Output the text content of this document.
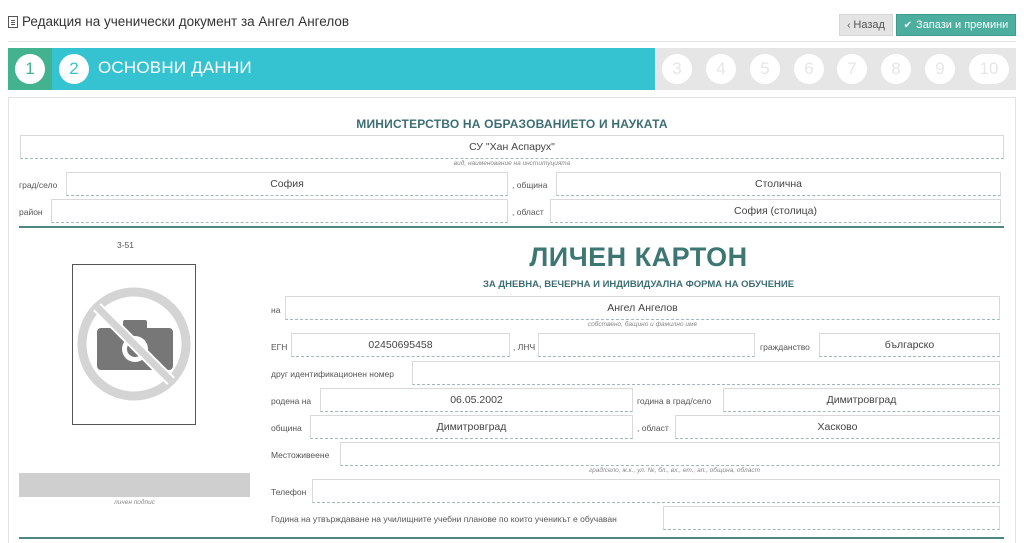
Редакция на ученически документ за Ангел Ангелов	‹ Назад ✔ Запази и премини
1	2	ОСНОВНИ ДАННИ	3	4	5	6	7	8	9	10
МИНИСТЕРСТВО НА ОБРАЗОВАНИЕТО И НАУКАТА
СУ "Хан Аспарух"
вид, наименование на институцията
град/село	София	, община	Столична
район	, област	София (столица)
3-51
личен подпис
ЛИЧЕН КАРТОН
ЗА ДНЕВНА, ВЕЧЕРНА И ИНДИВИДУАЛНА ФОРМА НА ОБУЧЕНИЕ
на	Ангел Ангелов
собствено, бащино и фамилно име
ЕГН	02450695458	, ЛНЧ	гражданство	българско
друг идентификационен номер
родена на	06.05.2002	година в град/село	Димитровград
община	Димитровград	, област	Хасково
Местоживеене
град/село, ж.к., ул. №, бл., вх., ет., ап., община, област
Телефон
Година на утвърждаване на училищните учебни планове по които ученикът е обучаван
